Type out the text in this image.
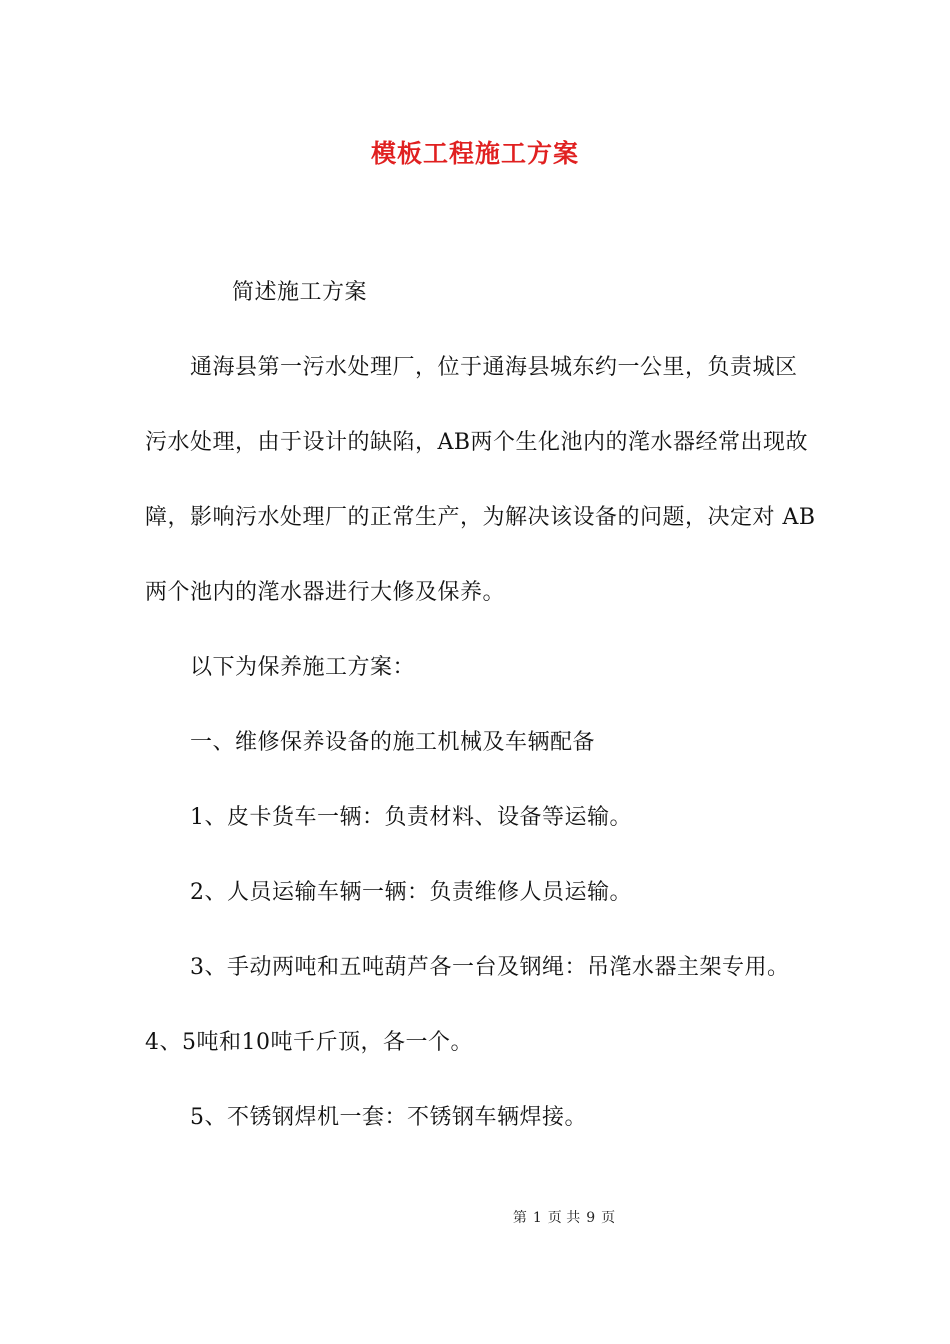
模板工程施工方案
简述施工方案
通海县第一污水处理厂，位于通海县城东约一公里，负责城区
污水处理，由于设计的缺陷，AB两个生化池内的滗水器经常出现故
障，影响污水处理厂的正常生产，为解决该设备的问题，决定对 AB
两个池内的滗水器进行大修及保养。
以下为保养施工方案：
一、维修保养设备的施工机械及车辆配备
1、皮卡货车一辆：负责材料、设备等运输。
2、人员运输车辆一辆：负责维修人员运输。
3、手动两吨和五吨葫芦各一台及钢绳：吊滗水器主架专用。
4、5吨和10吨千斤顶，各一个。
5、不锈钢焊机一套：不锈钢车辆焊接。
第 1 页 共 9 页
